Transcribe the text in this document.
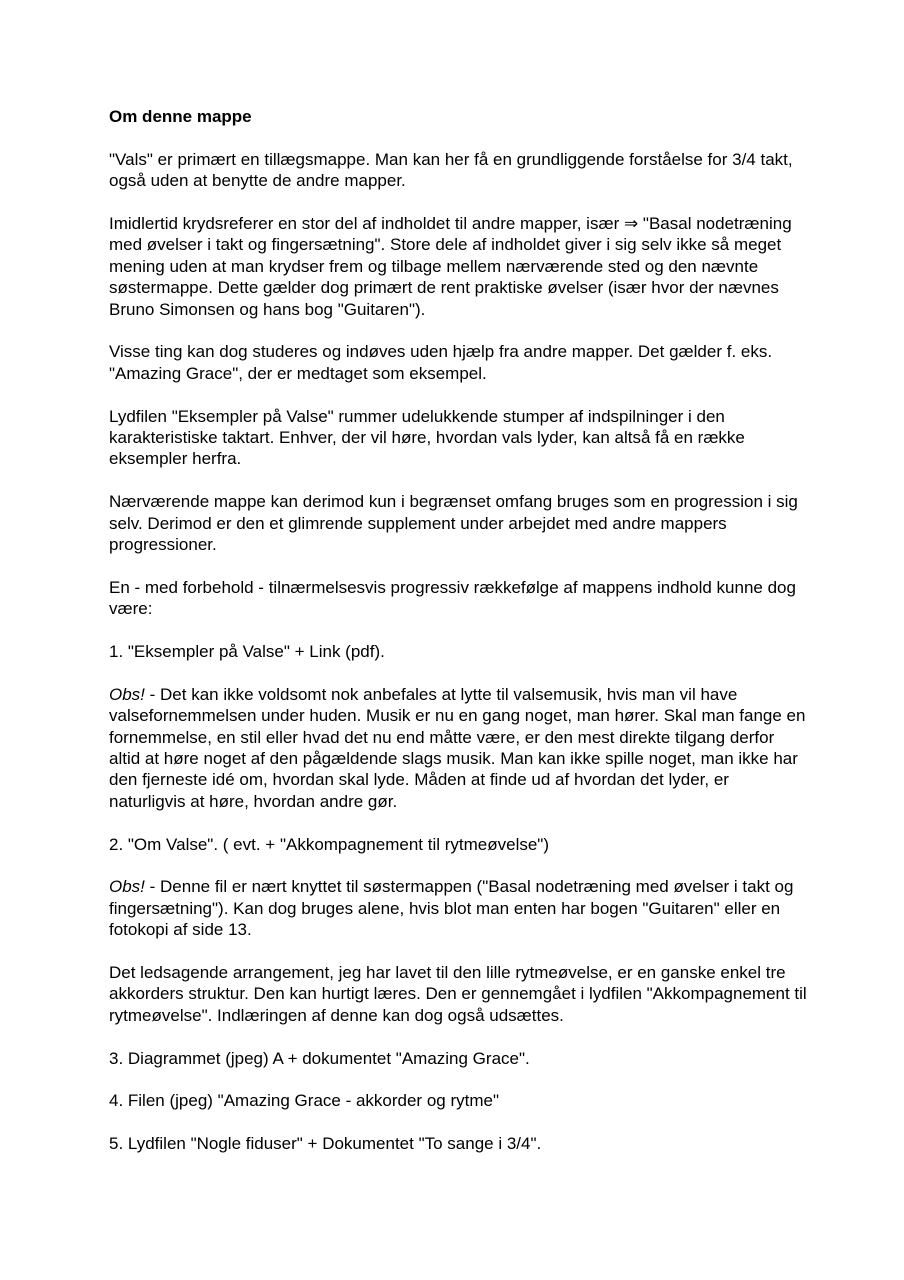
Om denne mappe

"Vals" er primært en tillægsmappe. Man kan her få en grundliggende forståelse for 3/4 takt, også uden at benytte de andre mapper.

Imidlertid krydsreferer en stor del af indholdet til andre mapper, især ⇒ "Basal nodetræning med øvelser i takt og fingersætning". Store dele af indholdet giver i sig selv ikke så meget mening uden at man krydser frem og tilbage mellem nærværende sted og den nævnte søstermappe. Dette gælder dog primært de rent praktiske øvelser (især hvor der nævnes Bruno Simonsen og hans bog "Guitaren").

Visse ting kan dog studeres og indøves uden hjælp fra andre mapper. Det gælder f. eks. "Amazing Grace", der er medtaget som eksempel.

Lydfilen "Eksempler på Valse" rummer udelukkende stumper af indspilninger i den karakteristiske taktart. Enhver, der vil høre, hvordan vals lyder, kan altså få en række eksempler herfra.

Nærværende mappe kan derimod kun i begrænset omfang bruges som en progression i sig selv. Derimod er den et glimrende supplement under arbejdet med andre mappers progressioner.

En - med forbehold - tilnærmelsesvis progressiv rækkefølge af mappens indhold kunne dog være:

1. "Eksempler på Valse" + Link (pdf).

Obs! - Det kan ikke voldsomt nok anbefales at lytte til valsemusik, hvis man vil have valsefornemmelsen under huden. Musik er nu en gang noget, man hører. Skal man fange en fornemmelse, en stil eller hvad det nu end måtte være, er den mest direkte tilgang derfor altid at høre noget af den pågældende slags musik. Man kan ikke spille noget, man ikke har den fjerneste idé om, hvordan skal lyde. Måden at finde ud af hvordan det lyder, er naturligvis at høre, hvordan andre gør.

2. "Om Valse". ( evt. + "Akkompagnement til rytmeøvelse")

Obs! - Denne fil er nært knyttet til søstermappen ("Basal nodetræning med øvelser i takt og fingersætning"). Kan dog bruges alene, hvis blot man enten har bogen "Guitaren" eller en fotokopi af side 13.

Det ledsagende arrangement, jeg har lavet til den lille rytmeøvelse, er en ganske enkel tre akkorders struktur. Den kan hurtigt læres. Den er gennemgået i lydfilen "Akkompagnement til rytmeøvelse". Indlæringen af denne kan dog også udsættes.

3. Diagrammet (jpeg) A + dokumentet "Amazing Grace".

4. Filen (jpeg) "Amazing Grace - akkorder og rytme"

5. Lydfilen "Nogle fiduser" + Dokumentet "To sange i 3/4".
